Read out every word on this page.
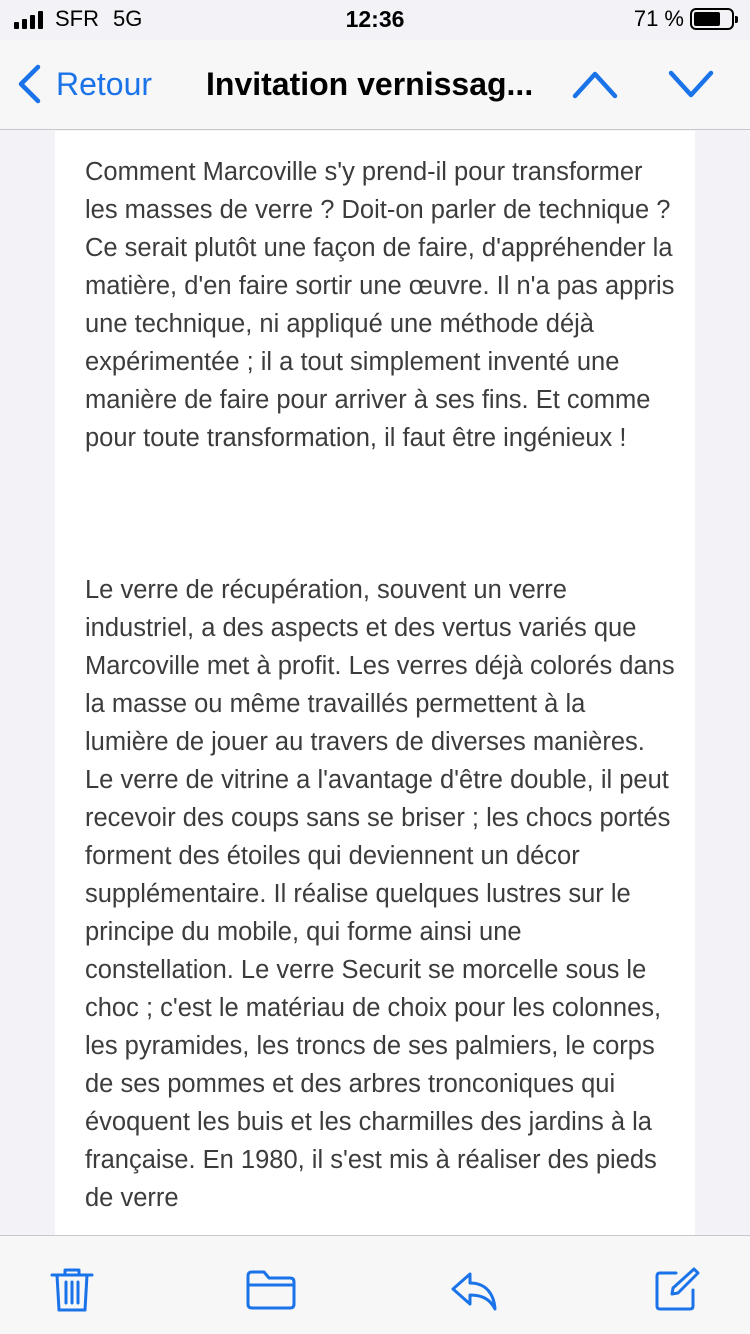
SFR 5G	12:36	71 %
Retour Invitation vernissag...

Comment Marcoville s'y prend-il pour transformer les masses de verre ? Doit-on parler de technique ? Ce serait plutôt une façon de faire, d'appréhender la matière, d'en faire sortir une œuvre. Il n'a pas appris une technique, ni appliqué une méthode déjà expérimentée ; il a tout simplement inventé une manière de faire pour arriver à ses fins. Et comme pour toute transformation, il faut être ingénieux !

Le verre de récupération, souvent un verre industriel, a des aspects et des vertus variés que Marcoville met à profit. Les verres déjà colorés dans la masse ou même travaillés permettent à la lumière de jouer au travers de diverses manières. Le verre de vitrine a l'avantage d'être double, il peut recevoir des coups sans se briser ; les chocs portés forment des étoiles qui deviennent un décor supplémentaire. Il réalise quelques lustres sur le principe du mobile, qui forme ainsi une constellation. Le verre Securit se morcelle sous le choc ; c'est le matériau de choix pour les colonnes, les pyramides, les troncs de ses palmiers, le corps de ses pommes et des arbres tronconiques qui évoquent les buis et les charmilles des jardins à la française. En 1980, il s'est mis à réaliser des pieds de verre
